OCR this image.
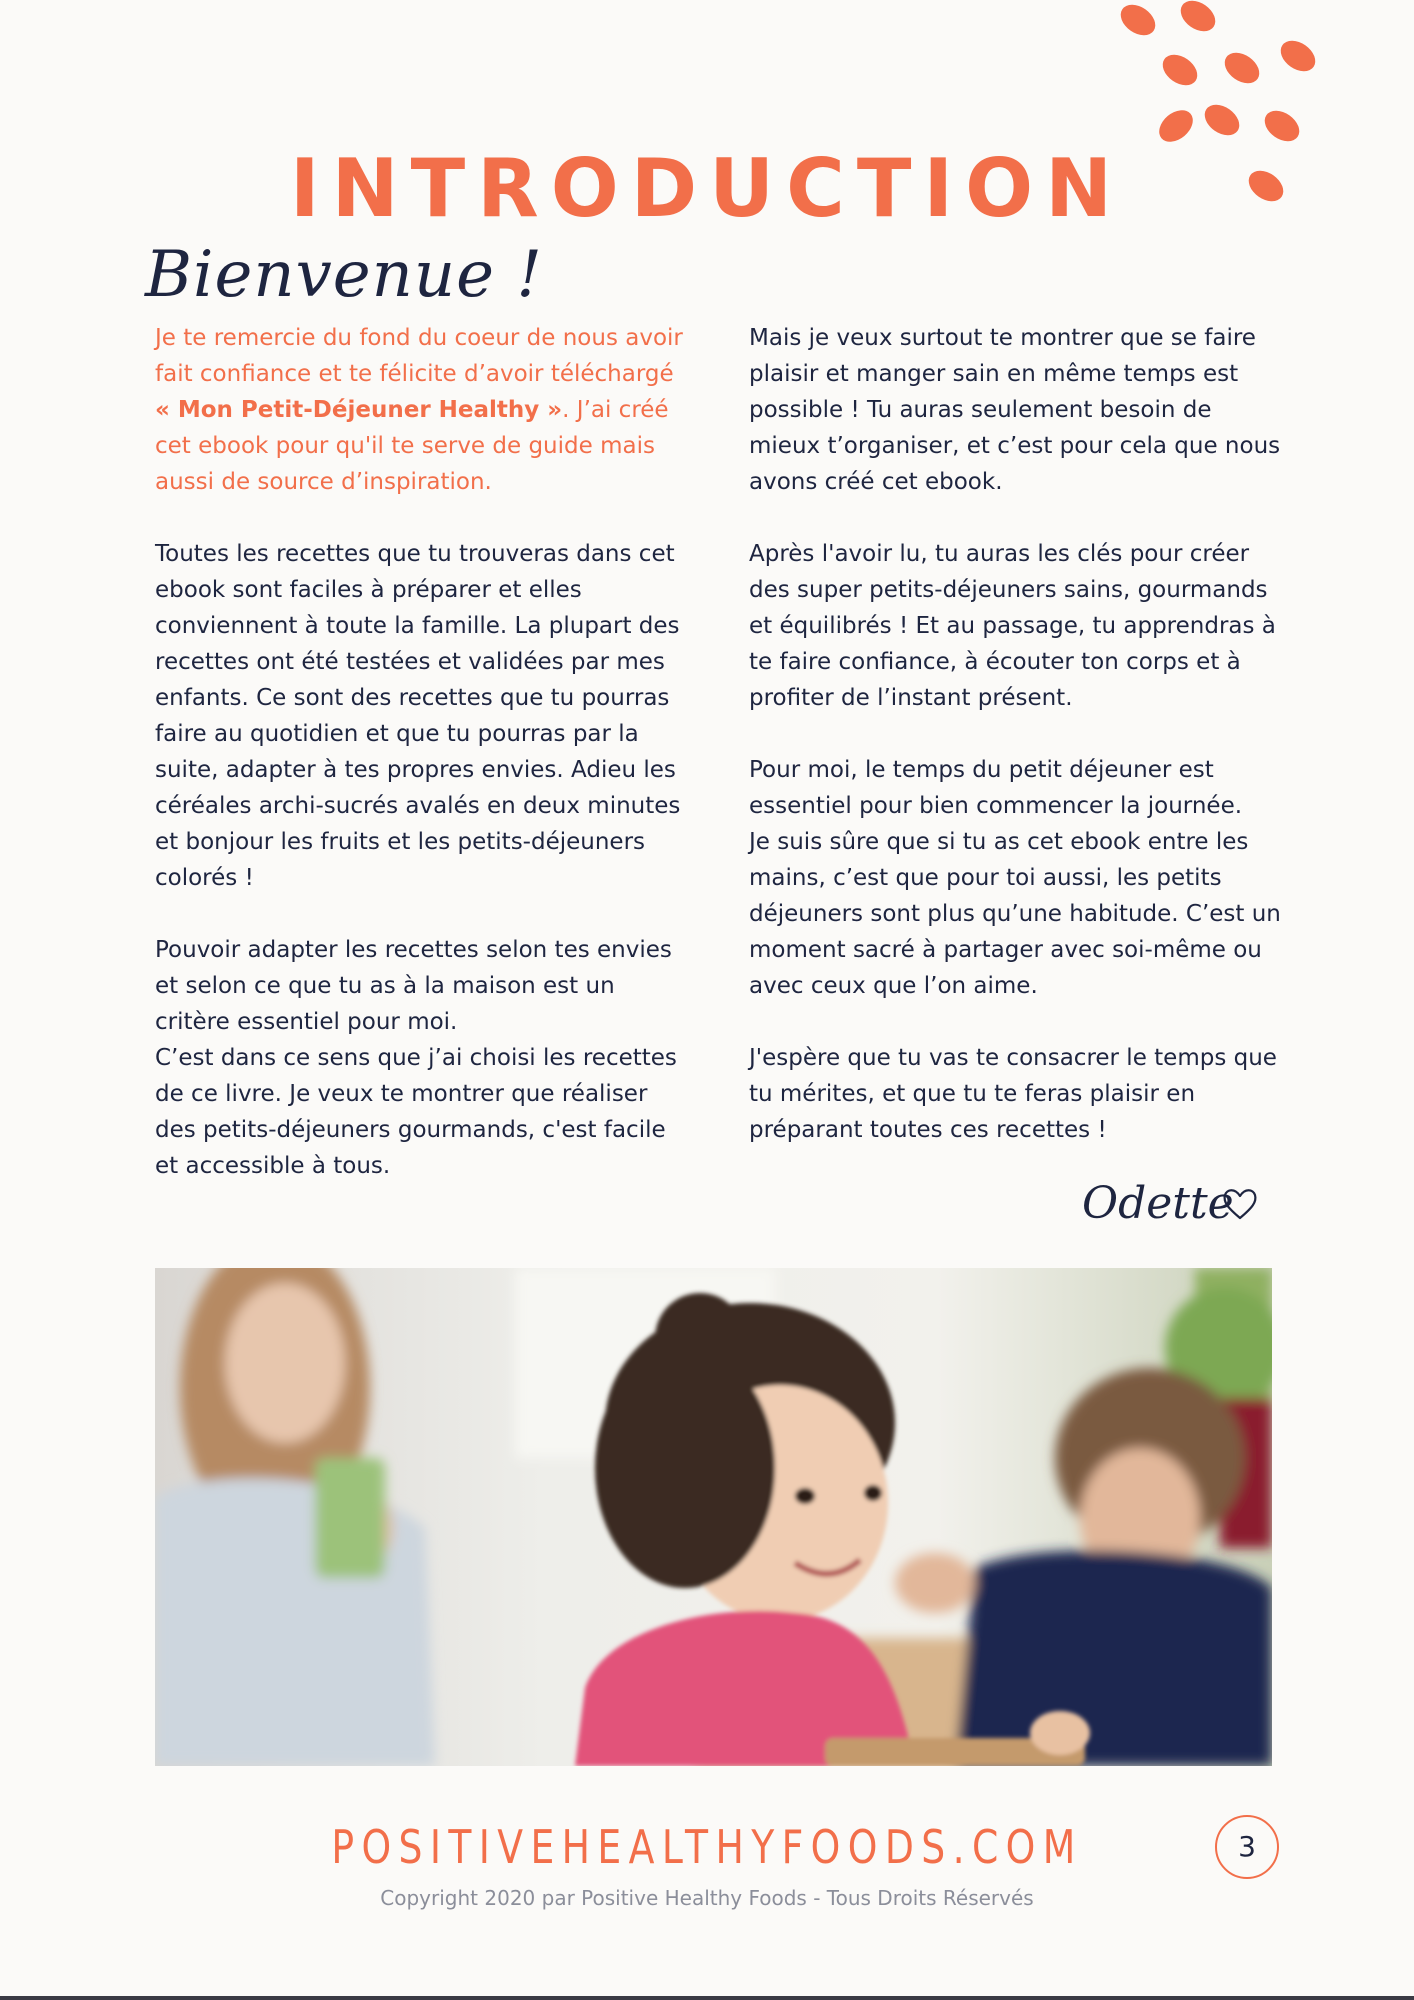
INTRODUCTION
Bienvenue !

Je te remercie du fond du coeur de nous avoir fait confiance et te félicite d’avoir téléchargé « Mon Petit-Déjeuner Healthy ». J’ai créé cet ebook pour qu'il te serve de guide mais aussi de source d’inspiration.

Toutes les recettes que tu trouveras dans cet ebook sont faciles à préparer et elles conviennent à toute la famille. La plupart des recettes ont été testées et validées par mes enfants. Ce sont des recettes que tu pourras faire au quotidien et que tu pourras par la suite, adapter à tes propres envies. Adieu les céréales archi-sucrés avalés en deux minutes et bonjour les fruits et les petits-déjeuners colorés !

Pouvoir adapter les recettes selon tes envies et selon ce que tu as à la maison est un critère essentiel pour moi.

C’est dans ce sens que j’ai choisi les recettes de ce livre. Je veux te montrer que réaliser des petits-déjeuners gourmands, c'est facile et accessible à tous.

Mais je veux surtout te montrer que se faire plaisir et manger sain en même temps est possible ! Tu auras seulement besoin de mieux t’organiser, et c’est pour cela que nous avons créé cet ebook.

Après l'avoir lu, tu auras les clés pour créer des super petits-déjeuners sains, gourmands et équilibrés ! Et au passage, tu apprendras à te faire confiance, à écouter ton corps et à profiter de l’instant présent.

Pour moi, le temps du petit déjeuner est essentiel pour bien commencer la journée.

Je suis sûre que si tu as cet ebook entre les mains, c’est que pour toi aussi, les petits déjeuners sont plus qu’une habitude. C’est un moment sacré à partager avec soi-même ou avec ceux que l’on aime.

J'espère que tu vas te consacrer le temps que tu mérites, et que tu te feras plaisir en préparant toutes ces recettes !

Odette
POSITIVEHEALTHYFOODS.COM
Copyright 2020 par Positive Healthy Foods - Tous Droits Réservés
3
